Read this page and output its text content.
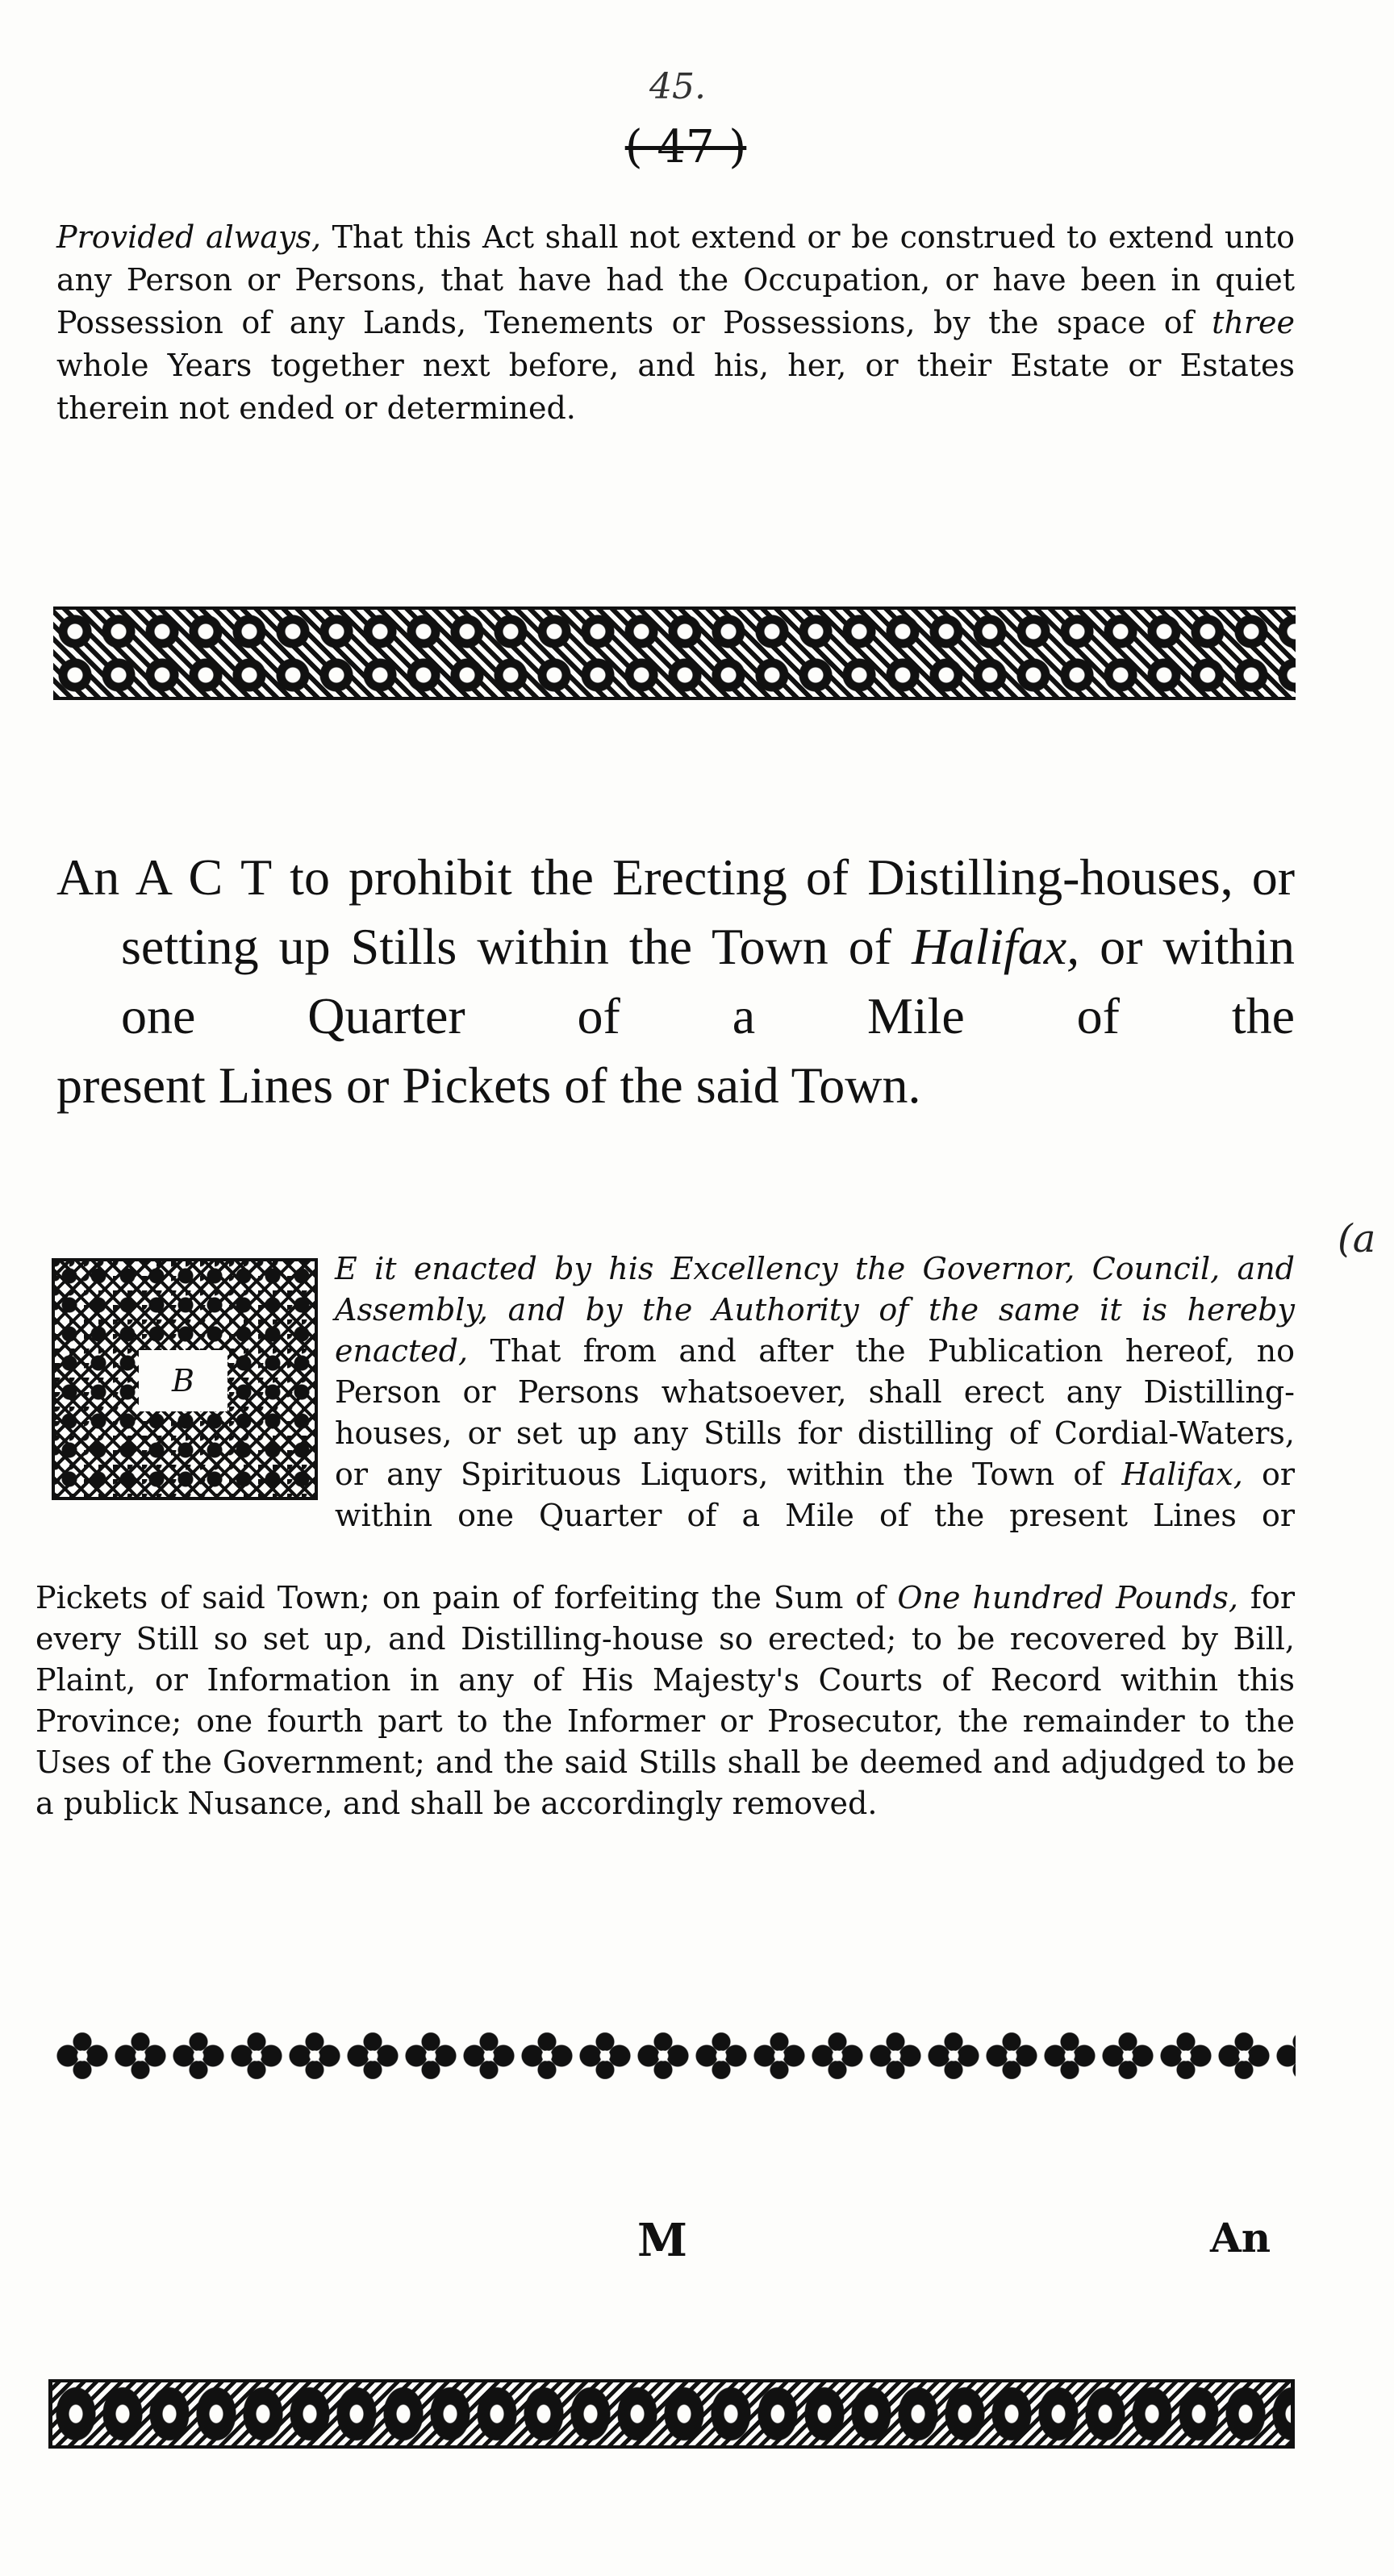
45.
( 47 )

Provided always, That this Act shall not extend or be construed to extend unto any Person or Persons, that have had the Occupation, or have been in quiet Possession of any Lands, Tenements or Possessions, by the space of three whole Years together next before, and his, her, or their Estate or Estates therein not ended or determined.

An A C T to prohibit the Erecting of Distilling-houses, or setting up Stills within the Town of Halifax, or within one Quarter of a Mile of the
present Lines or Pickets of the said Town.

B
E it enacted by his Excellency the Governor, Council, and
Assembly, and by the Authority of the same it is hereby
enacted, That from and after the Publication hereof, no
Person or Persons whatsoever, shall erect any Distilling-
houses, or set up any Stills for distilling of Cordial-Waters,
or any Spirituous Liquors, within the Town of Halifax, or
within one Quarter of a Mile of the present Lines or

Pickets of said Town; on pain of forfeiting the Sum of One hundred Pounds, for every Still so set up, and Distilling-house so erected; to be recovered by Bill, Plaint, or Information in any of His Majesty's Courts of Record within this Province; one fourth part to the Informer or Prosecutor, the remainder to the Uses of the Government; and the said Stills shall be deemed and adjudged to be a publick Nusance, and shall be accordingly removed.

(a
M	An
